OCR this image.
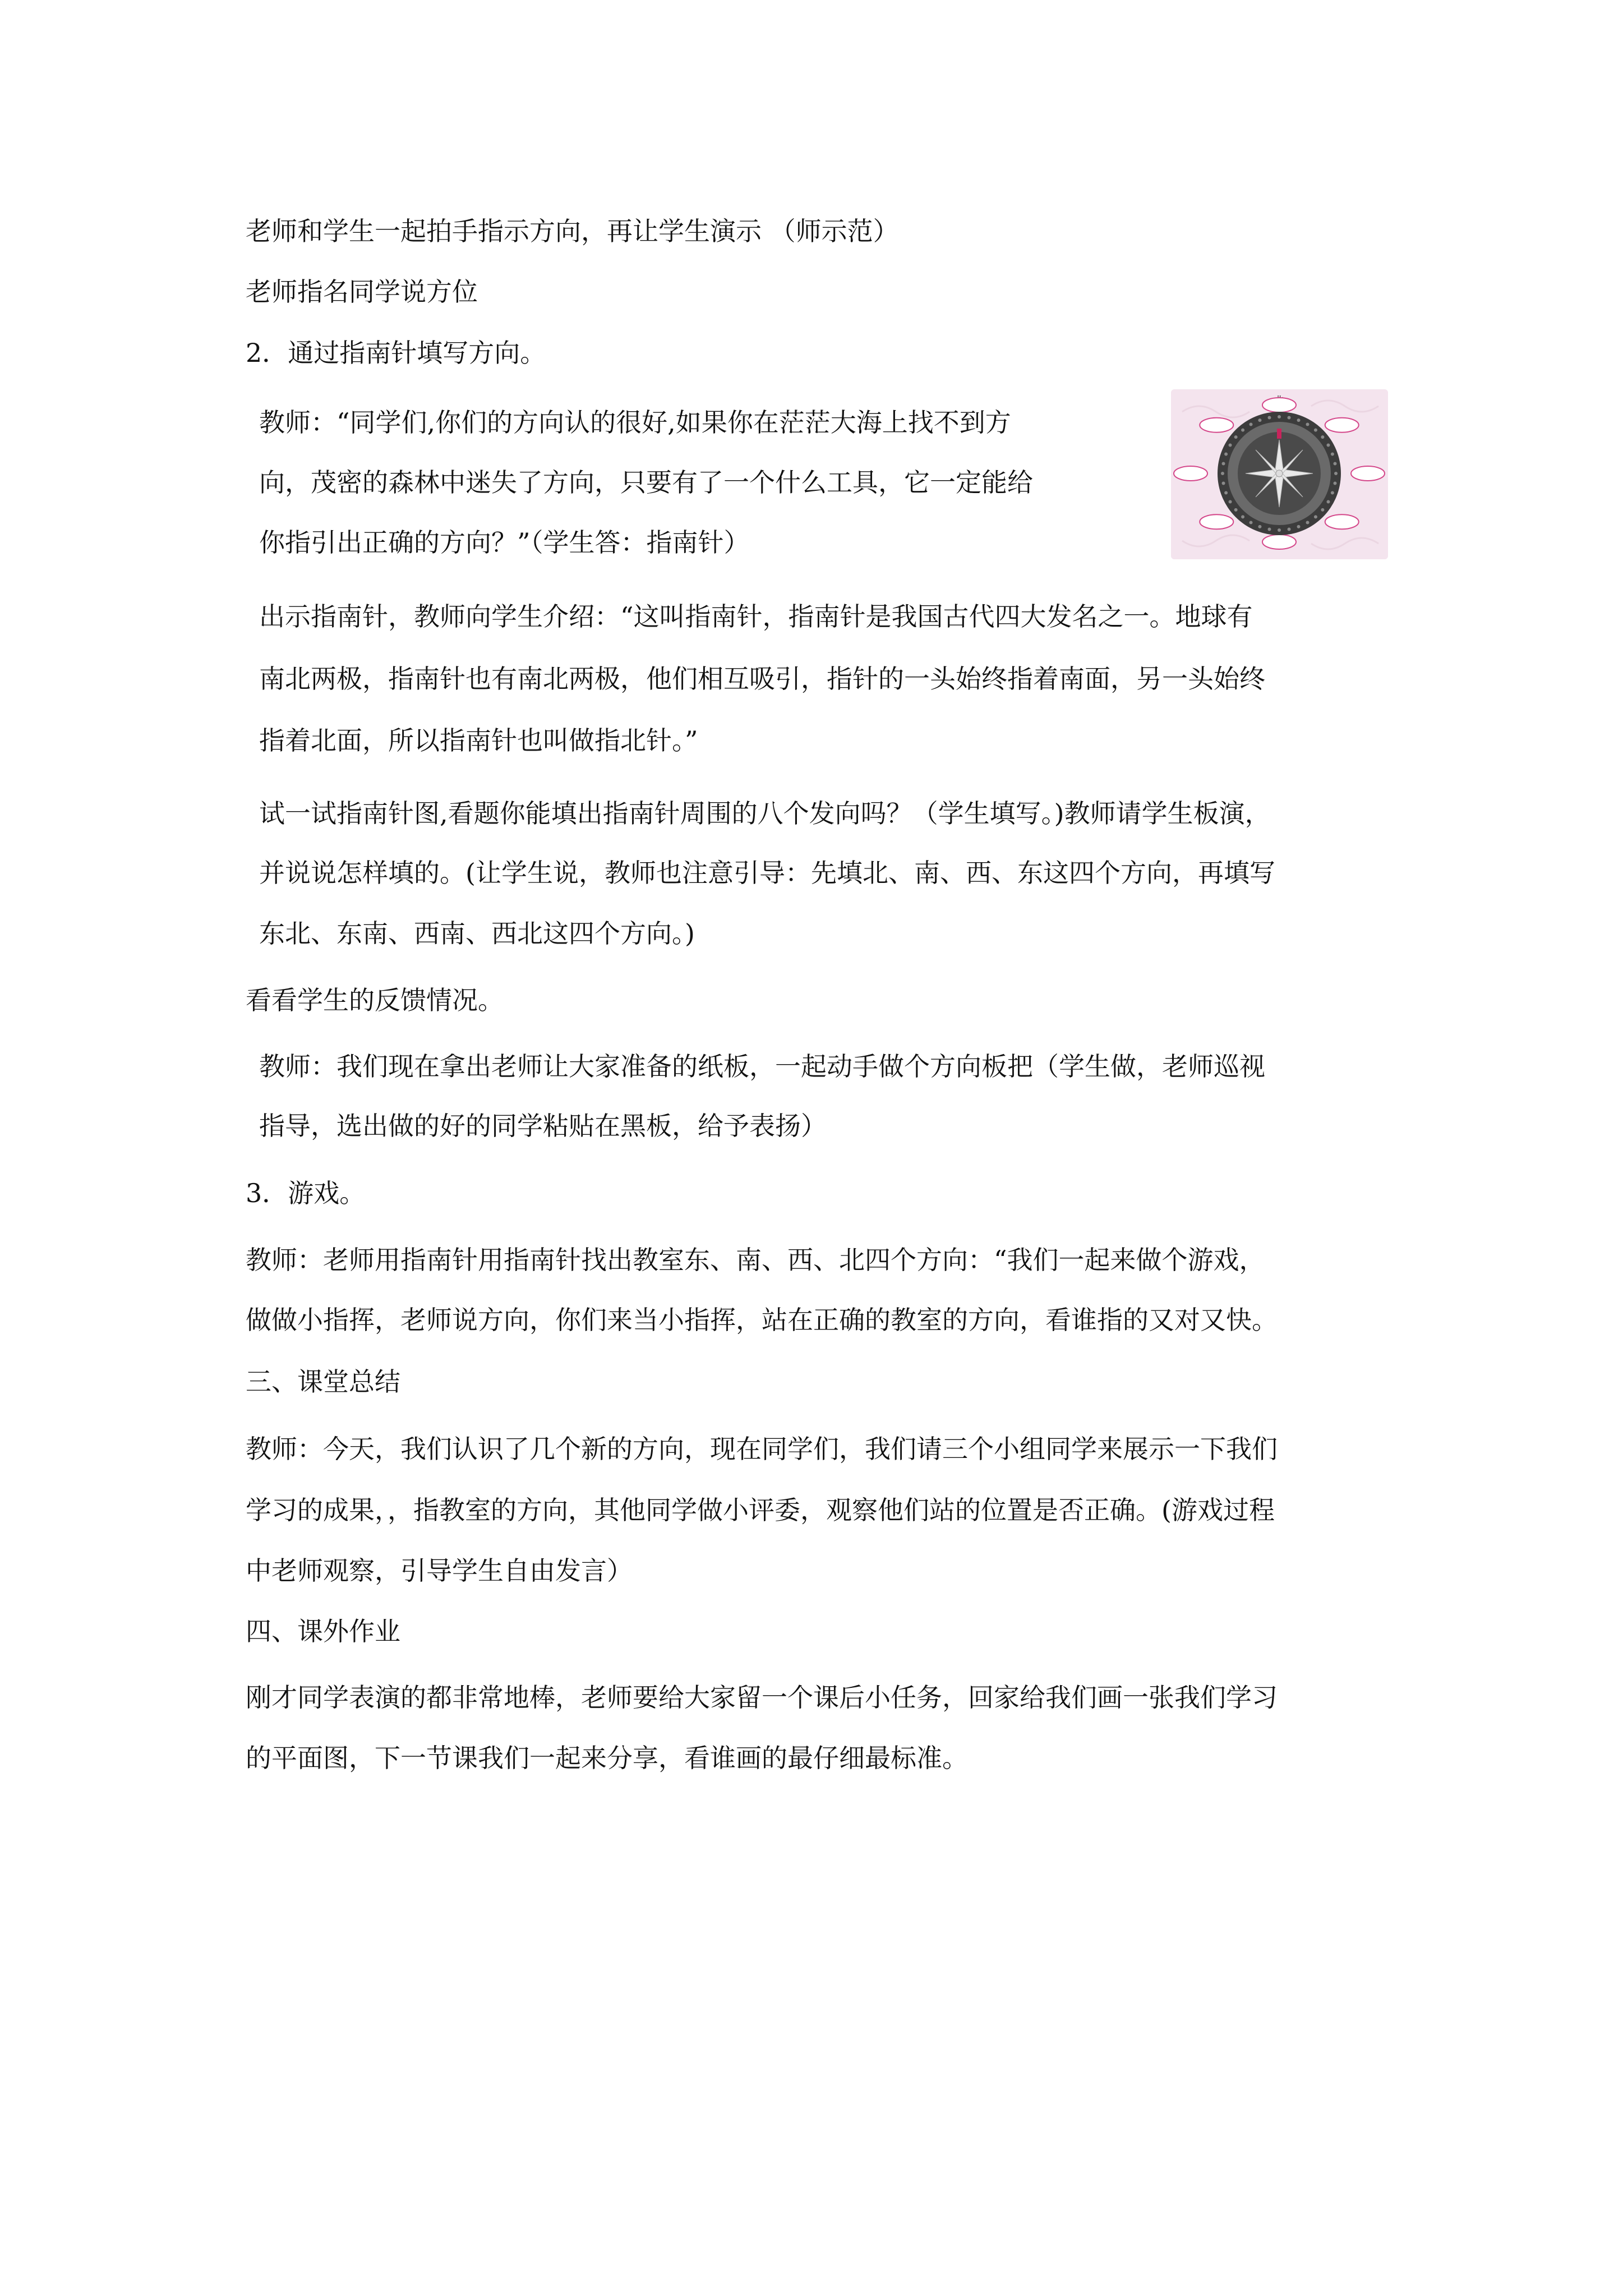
老师和学生一起拍手指示方向，再让学生演示 （师示范）

老师指名同学说方位

2．通过指南针填写方向。

教师：“同学们,你们的方向认的很好,如果你在茫茫大海上找不到方

向，茂密的森林中迷失了方向，只要有了一个什么工具，它一定能给

你指引出正确的方向？”（学生答：指南针）

出示指南针，教师向学生介绍：“这叫指南针，指南针是我国古代四大发名之一。地球有

南北两极，指南针也有南北两极，他们相互吸引，指针的一头始终指着南面，另一头始终

指着北面，所以指南针也叫做指北针。”

试一试指南针图,看题你能填出指南针周围的八个发向吗？（学生填写。)教师请学生板演，

并说说怎样填的。(让学生说，教师也注意引导：先填北、南、西、东这四个方向，再填写

东北、东南、西南、西北这四个方向。)

看看学生的反馈情况。

教师：我们现在拿出老师让大家准备的纸板，一起动手做个方向板把（学生做，老师巡视

指导，选出做的好的同学粘贴在黑板，给予表扬）

3．游戏。

教师：老师用指南针用指南针找出教室东、南、西、北四个方向：“我们一起来做个游戏，

做做小指挥，老师说方向，你们来当小指挥，站在正确的教室的方向，看谁指的又对又快。

三、课堂总结

教师：今天，我们认识了几个新的方向，现在同学们，我们请三个小组同学来展示一下我们

学习的成果，，指教室的方向，其他同学做小评委，观察他们站的位置是否正确。(游戏过程

中老师观察，引导学生自由发言）

四、课外作业

刚才同学表演的都非常地棒，老师要给大家留一个课后小任务，回家给我们画一张我们学习

的平面图，下一节课我们一起来分享，看谁画的最仔细最标准。
